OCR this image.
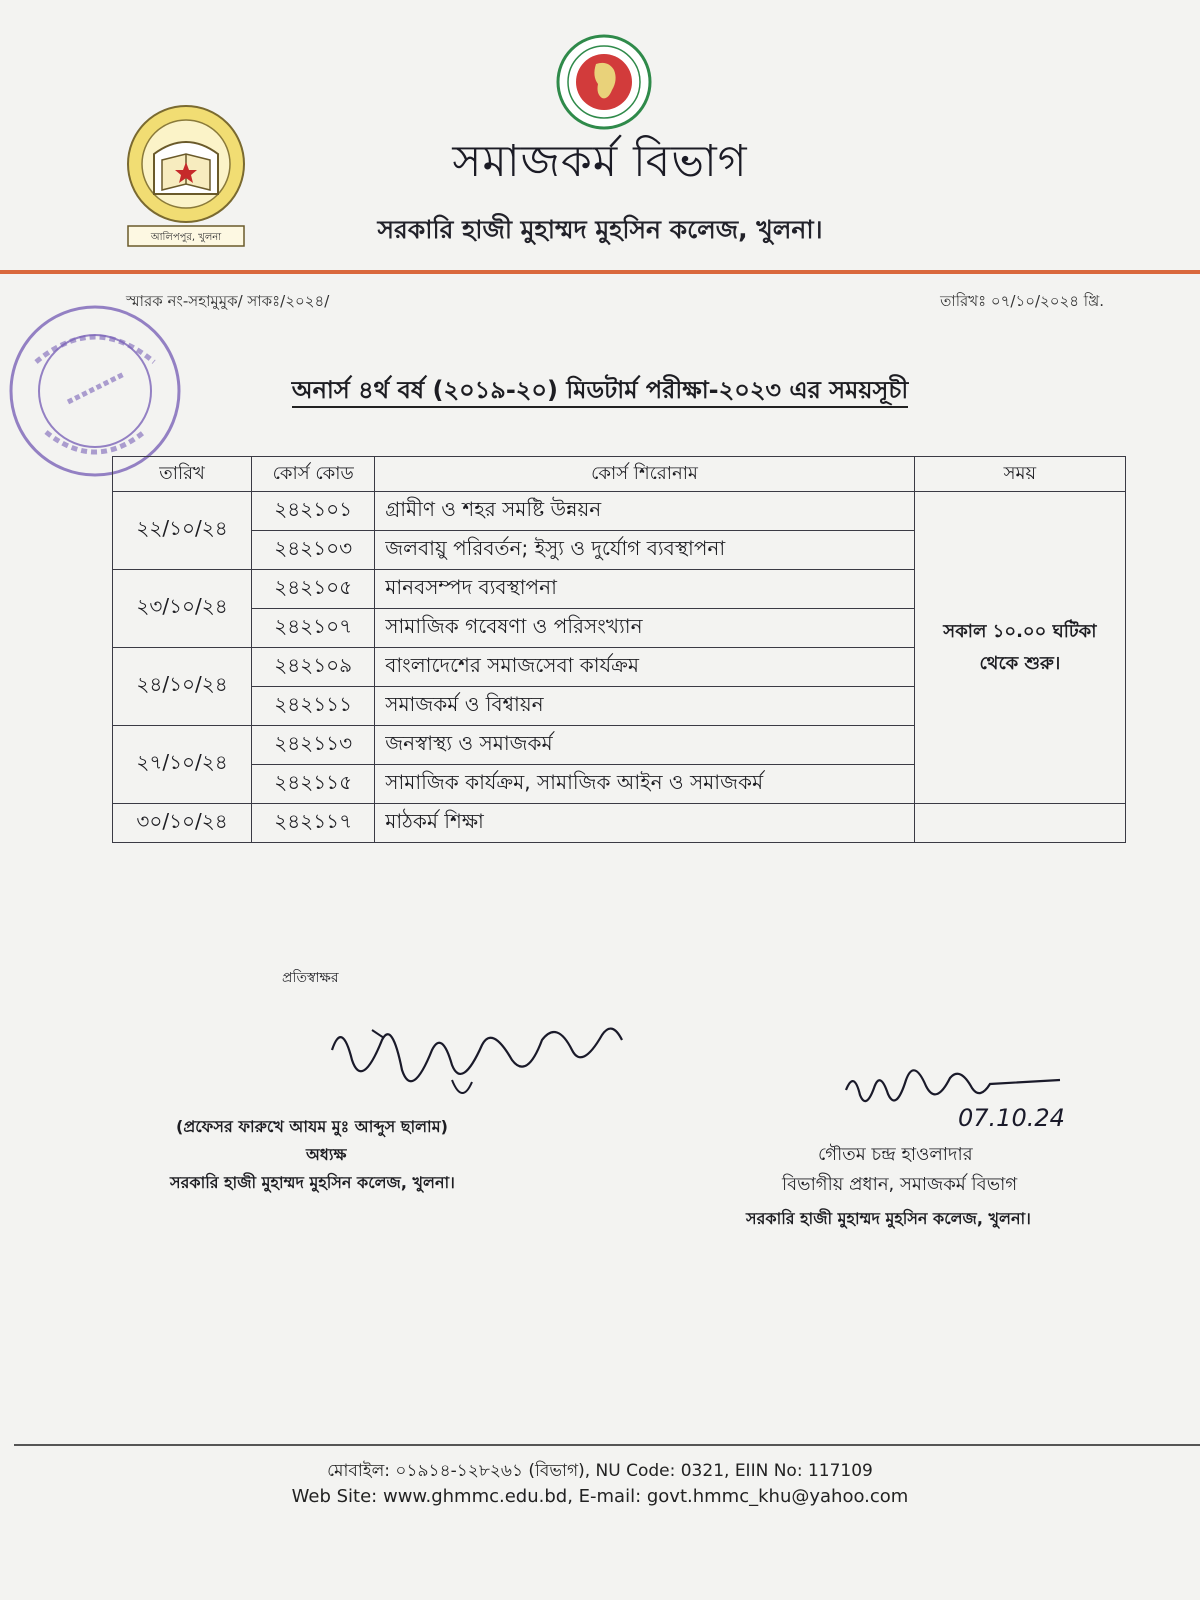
আলিপপুর, খুলনা
সমাজকর্ম বিভাগ
সরকারি হাজী মুহাম্মদ মুহসিন কলেজ, খুলনা।
স্মারক নং-সহামুমুক/ সাকঃ/২০২৪/	তারিখঃ ০৭/১০/২০২৪ খ্রি.
অনার্স ৪র্থ বর্ষ (২০১৯-২০) মিডটার্ম পরীক্ষা-২০২৩ এর সময়সূচী
তারিখ	কোর্স কোড	কোর্স শিরোনাম	সময়
২২/১০/২৪	২৪২১০১	গ্রামীণ ও শহর সমষ্টি উন্নয়ন	সকাল ১০.০০ ঘটিকা থেকে শুরু।
	২৪২১০৩	জলবায়ু পরিবর্তন; ইস্যু ও দুর্যোগ ব্যবস্থাপনা	
২৩/১০/২৪	২৪২১০৫	মানবসম্পদ ব্যবস্থাপনা	
	২৪২১০৭	সামাজিক গবেষণা ও পরিসংখ্যান	
২৪/১০/২৪	২৪২১০৯	বাংলাদেশের সমাজসেবা কার্যক্রম	
	২৪২১১১	সমাজকর্ম ও বিশ্বায়ন	
২৭/১০/২৪	২৪২১১৩	জনস্বাস্থ্য ও সমাজকর্ম	
	২৪২১১৫	সামাজিক কার্যক্রম, সামাজিক আইন ও সমাজকর্ম	
৩০/১০/২৪	২৪২১১৭	মাঠকর্ম শিক্ষা	
প্রতিস্বাক্ষর
(প্রফেসর ফারুখে আযম মুঃ আব্দুস ছালাম)
অধ্যক্ষ
সরকারি হাজী মুহাম্মদ মুহসিন কলেজ, খুলনা।
07.10.24
গৌতম চন্দ্র হাওলাদার
বিভাগীয় প্রধান, সমাজকর্ম বিভাগ
সরকারি হাজী মুহাম্মদ মুহসিন কলেজ, খুলনা।
মোবাইল: ০১৯১৪-১২৮২৬১ (বিভাগ), NU Code: 0321, EIIN No: 117109
Web Site: www.ghmmc.edu.bd, E-mail: govt.hmmc_khu@yahoo.com
